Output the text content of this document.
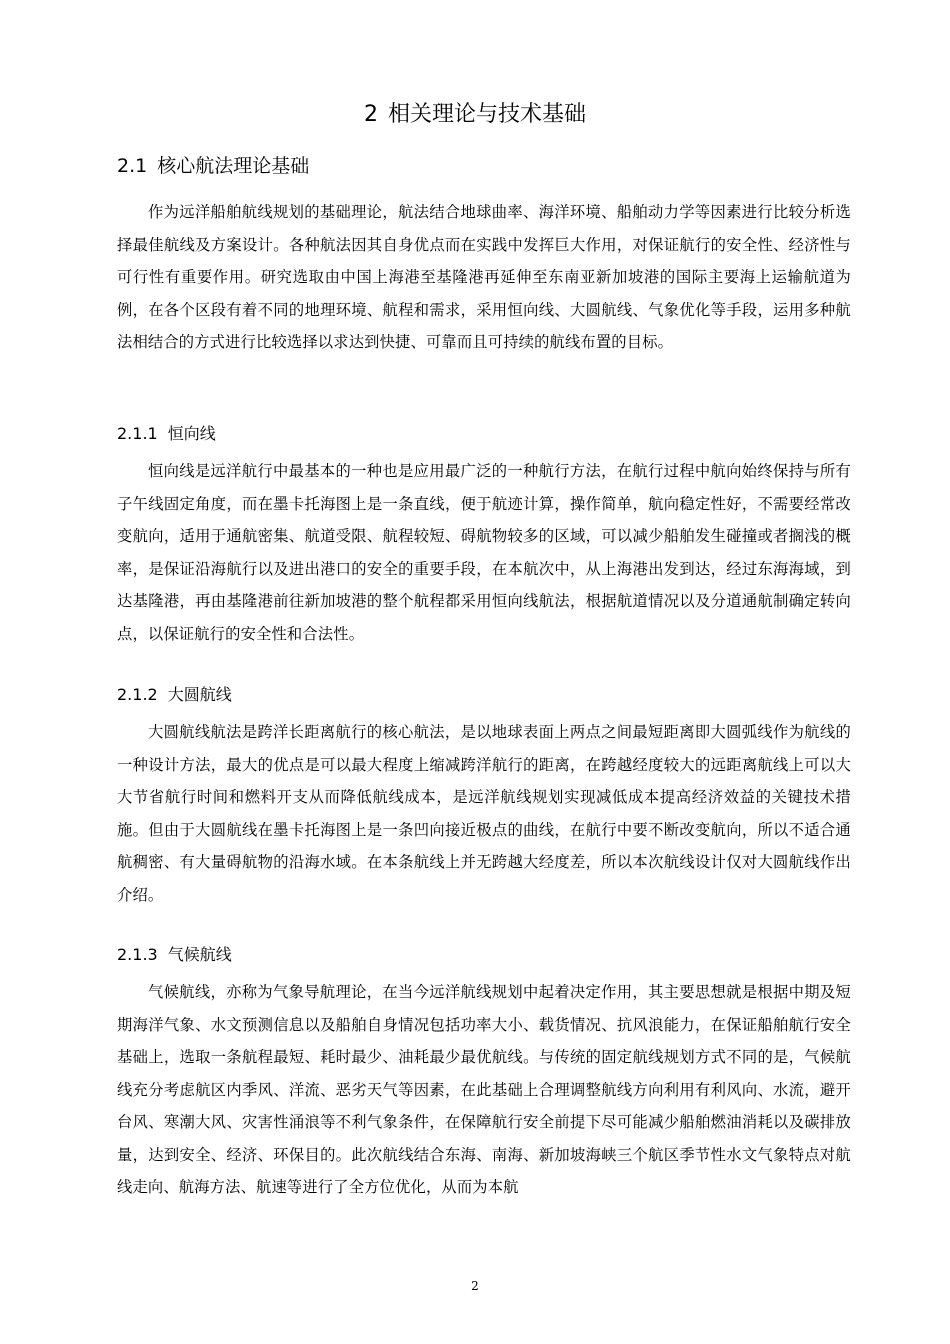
2 相关理论与技术基础
2.1 核心航法理论基础

作为远洋船舶航线规划的基础理论，航法结合地球曲率、海洋环境、船舶动力学等因素进行比较分析选择最佳航线及方案设计。各种航法因其自身优点而在实践中发挥巨大作用，对保证航行的安全性、经济性与可行性有重要作用。研究选取由中国上海港至基隆港再延伸至东南亚新加坡港的国际主要海上运输航道为例，在各个区段有着不同的地理环境、航程和需求，采用恒向线、大圆航线、气象优化等手段，运用多种航法相结合的方式进行比较选择以求达到快捷、可靠而且可持续的航线布置的目标。

2.1.1 恒向线

恒向线是远洋航行中最基本的一种也是应用最广泛的一种航行方法，在航行过程中航向始终保持与所有子午线固定角度，而在墨卡托海图上是一条直线，便于航迹计算，操作简单，航向稳定性好，不需要经常改变航向，适用于通航密集、航道受限、航程较短、碍航物较多的区域，可以减少船舶发生碰撞或者搁浅的概率，是保证沿海航行以及进出港口的安全的重要手段，在本航次中，从上海港出发到达，经过东海海域，到达基隆港，再由基隆港前往新加坡港的整个航程都采用恒向线航法，根据航道情况以及分道通航制确定转向点，以保证航行的安全性和合法性。

2.1.2 大圆航线

大圆航线航法是跨洋长距离航行的核心航法，是以地球表面上两点之间最短距离即大圆弧线作为航线的一种设计方法，最大的优点是可以最大程度上缩减跨洋航行的距离，在跨越经度较大的远距离航线上可以大大节省航行时间和燃料开支从而降低航线成本，是远洋航线规划实现减低成本提高经济效益的关键技术措施。但由于大圆航线在墨卡托海图上是一条凹向接近极点的曲线，在航行中要不断改变航向，所以不适合通航稠密、有大量碍航物的沿海水域。在本条航线上并无跨越大经度差，所以本次航线设计仅对大圆航线作出介绍。

2.1.3 气候航线

气候航线，亦称为气象导航理论，在当今远洋航线规划中起着决定作用，其主要思想就是根据中期及短期海洋气象、水文预测信息以及船舶自身情况包括功率大小、载货情况、抗风浪能力，在保证船舶航行安全基础上，选取一条航程最短、耗时最少、油耗最少最优航线。与传统的固定航线规划方式不同的是，气候航线充分考虑航区内季风、洋流、恶劣天气等因素，在此基础上合理调整航线方向利用有利风向、水流，避开台风、寒潮大风、灾害性涌浪等不利气象条件，在保障航行安全前提下尽可能减少船舶燃油消耗以及碳排放量，达到安全、经济、环保目的。此次航线结合东海、南海、新加坡海峡三个航区季节性水文气象特点对航线走向、航海方法、航速等进行了全方位优化，从而为本航

2
